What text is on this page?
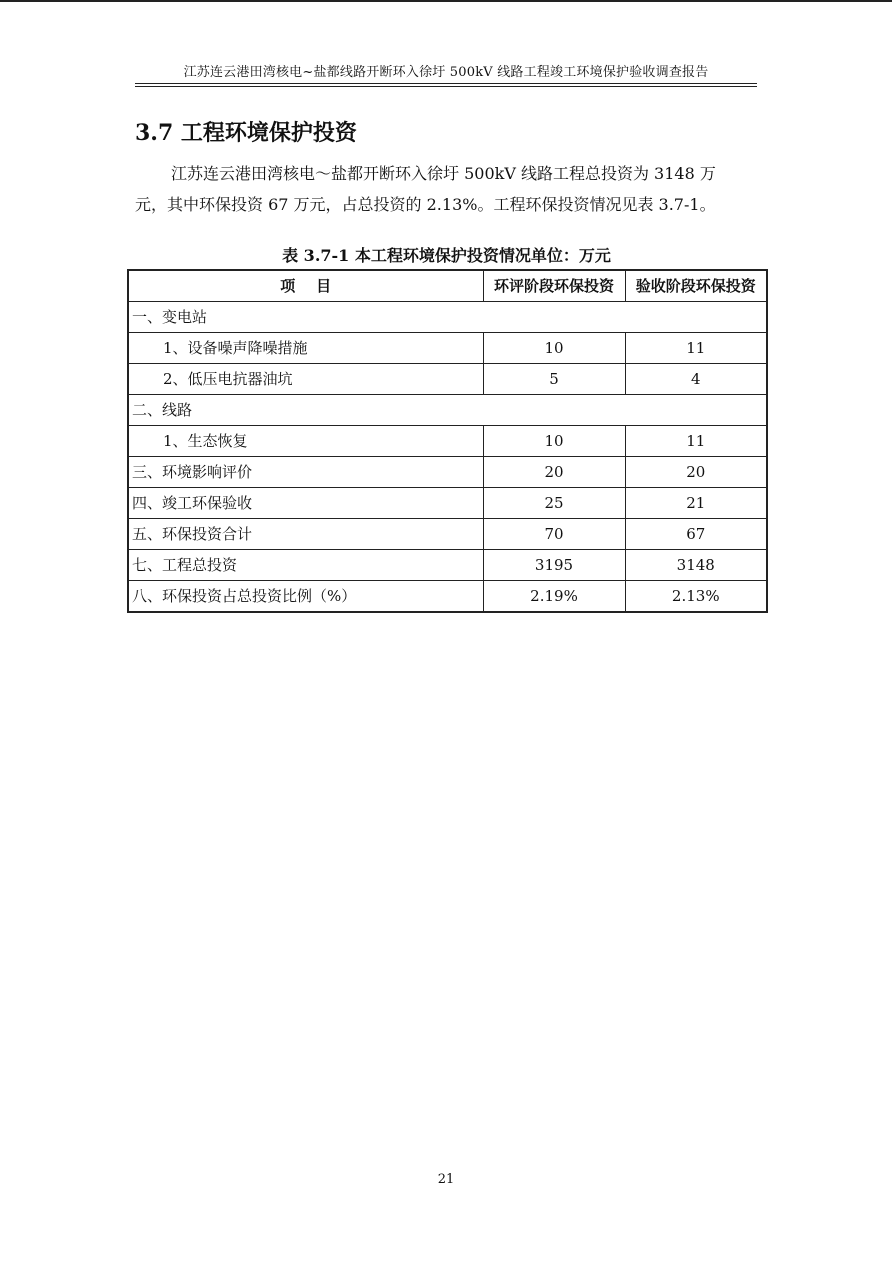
江苏连云港田湾核电~盐都线路开断环入徐圩 500kV 线路工程竣工环境保护验收调查报告
3.7 工程环境保护投资
江苏连云港田湾核电～盐都开断环入徐圩 500kV 线路工程总投资为 3148 万
元，其中环保投资 67 万元，占总投资的 2.13%。工程环保投资情况见表 3.7-1。
表 3.7-1 本工程环境保护投资情况单位：万元
项    目	环评阶段环保投资	验收阶段环保投资
一、变电站		
1、设备噪声降噪措施	10	11
2、低压电抗器油坑	5	4
二、线路		
1、生态恢复	10	11
三、环境影响评价	20	20
四、竣工环保验收	25	21
五、环保投资合计	70	67
七、工程总投资	3195	3148
八、环保投资占总投资比例（%）	2.19%	2.13%
21
